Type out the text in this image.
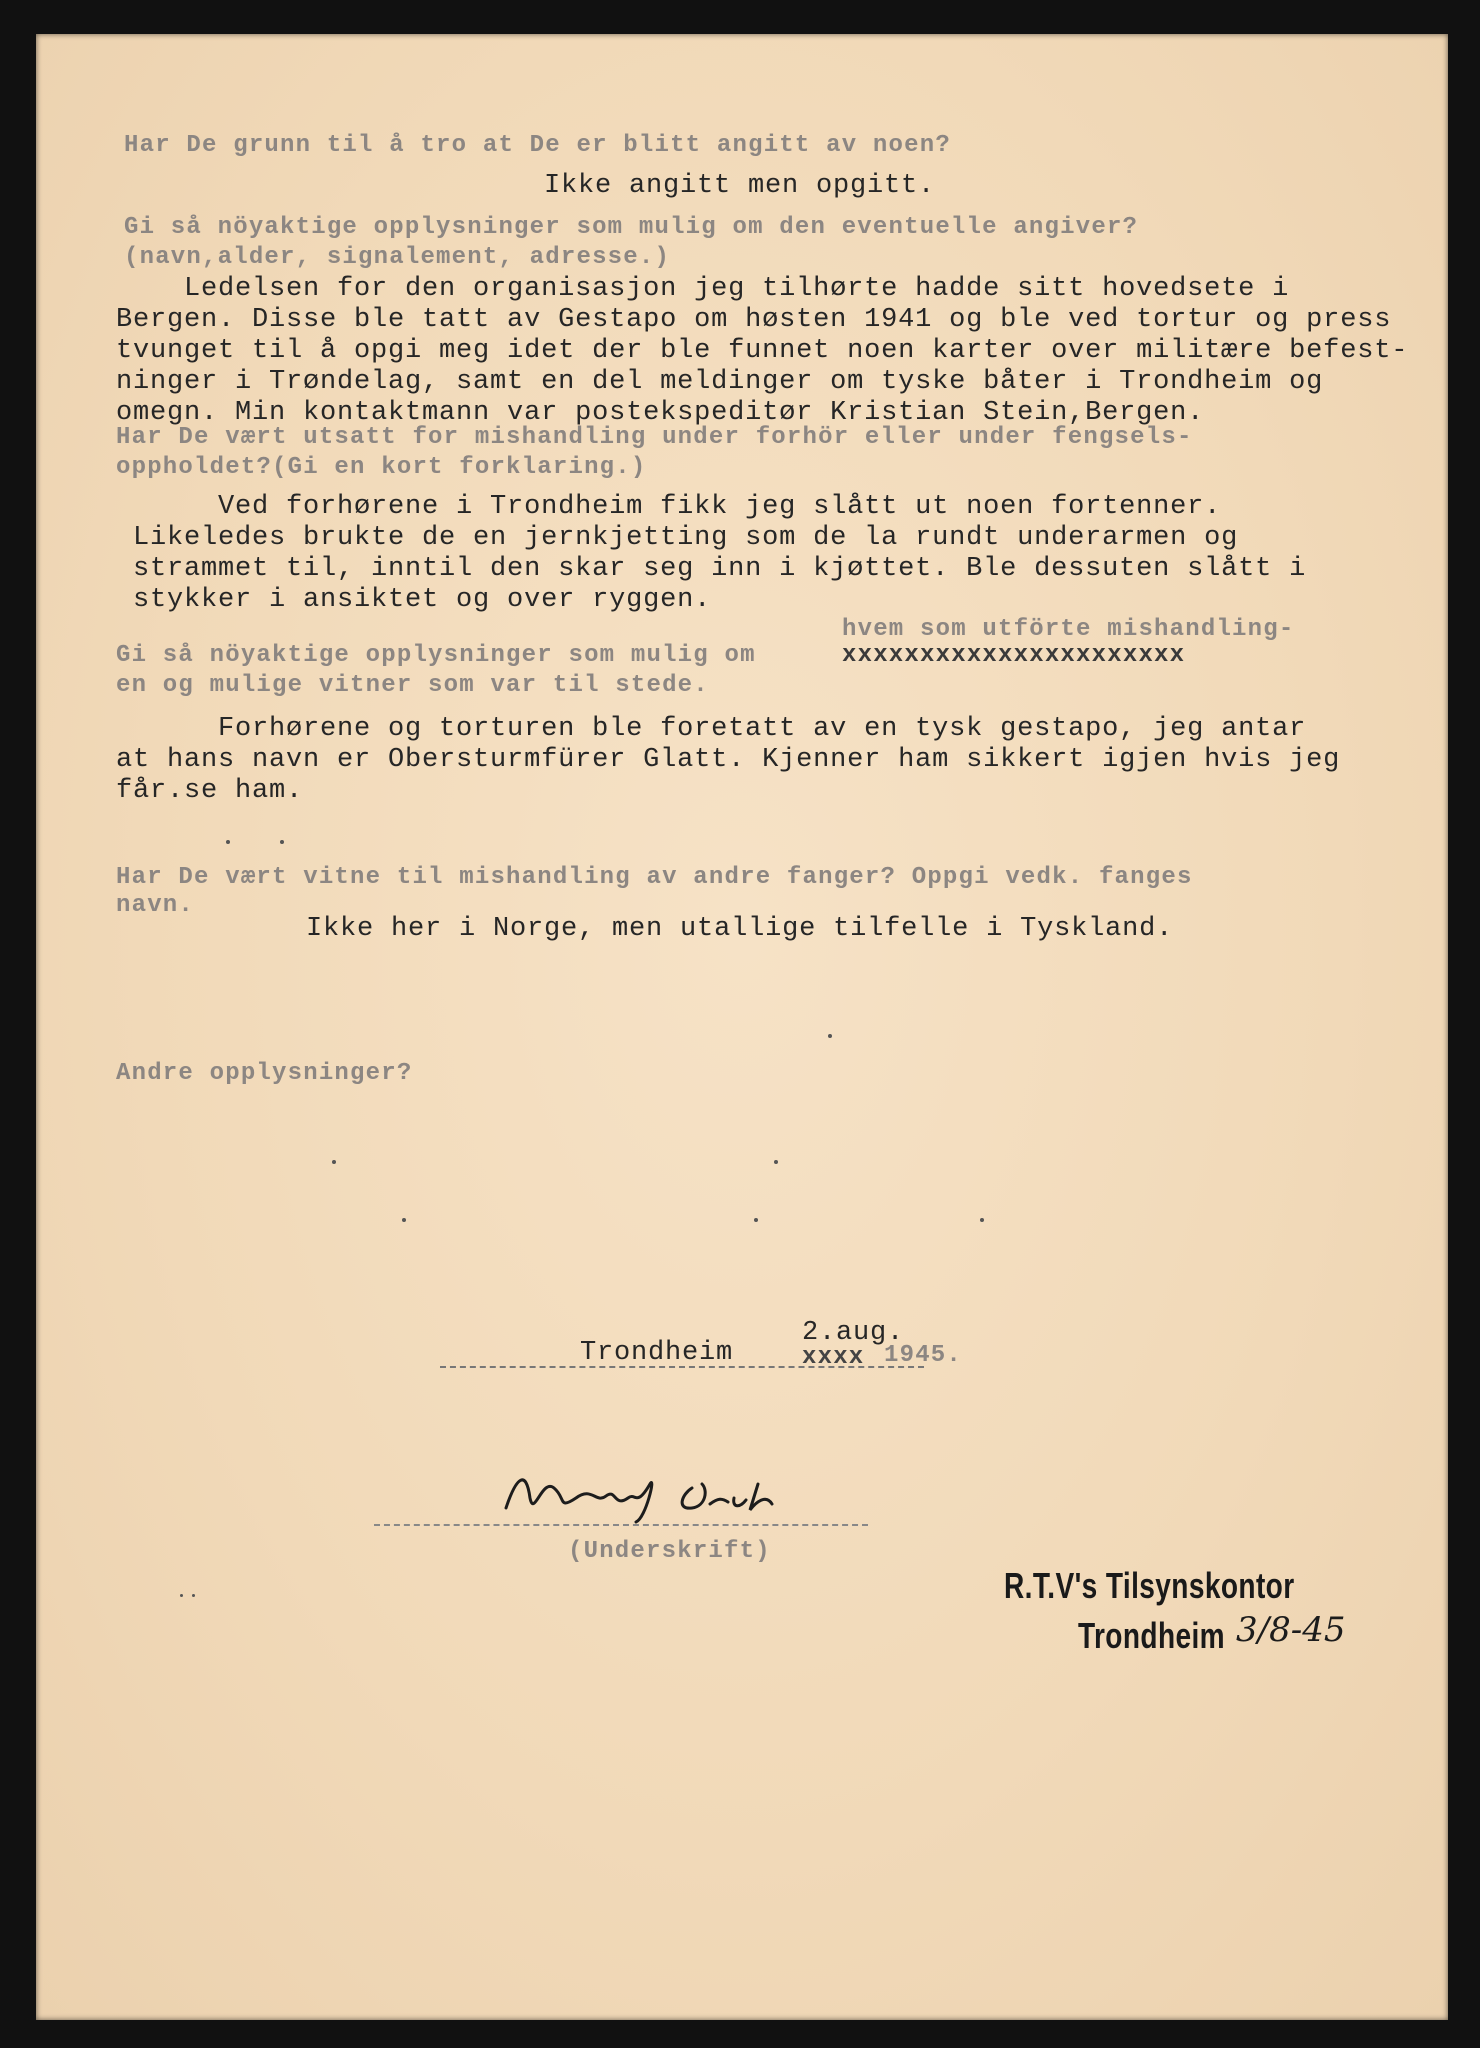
Har De grunn til å tro at De er blitt angitt av noen?
Ikke angitt men opgitt.
Gi så nöyaktige opplysninger som mulig om den eventuelle angiver?
(navn,alder, signalement, adresse.)
Ledelsen for den organisasjon jeg tilhørte hadde sitt hovedsete i
Bergen. Disse ble tatt av Gestapo om høsten 1941 og ble ved tortur og press
tvunget til å opgi meg idet der ble funnet noen karter over militære befest-
ninger i Trøndelag, samt en del meldinger om tyske båter i Trondheim og
omegn. Min kontaktmann var postekspeditør Kristian Stein,Bergen.
Har De vært utsatt for mishandling under forhör eller under fengsels-
oppholdet?(Gi en kort forklaring.)
Ved forhørene i Trondheim fikk jeg slått ut noen fortenner.
Likeledes brukte de en jernkjetting som de la rundt underarmen og
strammet til, inntil den skar seg inn i kjøttet. Ble dessuten slått i
stykker i ansiktet og over ryggen.
hvem som utförte mishandling-
Gi så nöyaktige opplysninger som mulig om	xxxxxxxxxxxxxxxxxxxxxx
en og mulige vitner som var til stede.
Forhørene og torturen ble foretatt av en tysk gestapo, jeg antar
at hans navn er Obersturmfürer Glatt. Kjenner ham sikkert igjen hvis jeg
får.se ham.
Har De vært vitne til mishandling av andre fanger? Oppgi vedk. fanges
navn.
Ikke her i Norge, men utallige tilfelle i Tyskland.
Andre opplysninger?
Trondheim
2.aug.
xxxx 1945.
(Underskrift)
R.T.V's Tilsynskontor
Trondheim 3/8-45
